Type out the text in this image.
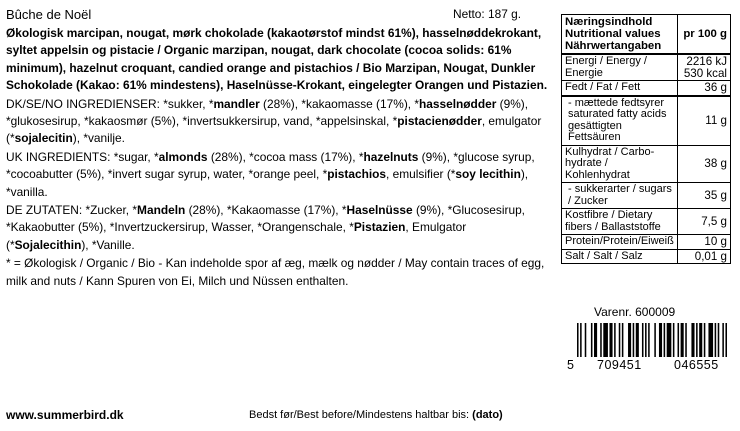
Bûche de Noël	Netto: 187 g.
Økologisk marcipan, nougat, mørk chokolade (kakaotørstof mindst 61%), hasselnøddekrokant, syltet appelsin og pistacie / Organic marzipan, nougat, dark chocolate (cocoa solids: 61% minimum), hazelnut croquant, candied orange and pistachios / Bio Marzipan, Nougat, Dunkler Schokolade (Kakao: 61% mindestens), Haselnüsse-Krokant, eingelegter Orangen und Pistazien.
DK/SE/NO INGREDIENSER: *sukker, *mandler (28%), *kakaomasse (17%), *hasselnødder (9%), *glukosesirup, *kakaosmør (5%), *invertsukkersirup, vand, *appelsinskal, *pistacienødder, emulgator (*sojalecitin), *vanilje.
UK INGREDIENTS: *sugar, *almonds (28%), *cocoa mass (17%), *hazelnuts (9%), *glucose syrup, *cocoabutter (5%), *invert sugar syrup, water, *orange peel, *pistachios, emulsifier (*soy lecithin), *vanilla.
DE ZUTATEN: *Zucker, *Mandeln (28%), *Kakaomasse (17%), *Haselnüsse (9%), *Glucosesirup, *Kakaobutter (5%), *Invertzuckersirup, Wasser, *Orangenschale, *Pistazien, Emulgator (*Sojalecithin), *Vanille.
* = Økologisk / Organic / Bio - Kan indeholde spor af æg, mælk og nødder / May contain traces of egg, milk and nuts / Kann Spuren von Ei, Milch und Nüssen enthalten.
Næringsindhold
Nutritional values
Nährwertangaben	pr 100 g

Energi / Energy / Energie	2216 kJ 530 kcal
Fedt / Fat / Fett	36 g
- mættede fedtsyrer saturated fatty acids gesättigten Fettsäuren	11 g
Kulhydrat / Carbo-hydrate / Kohlenhydrat	38 g
- sukkerarter / sugars / Zucker	35 g
Kostfibre / Dietary fibers / Ballaststoffe	7,5 g
Protein/Protein/Eiweiß	10 g
Salt / Salt / Salz	0,01 g
Varenr. 600009
5 709451	046555
www.summerbird.dk	Bedst før/Best before/Mindestens haltbar bis: (dato)
